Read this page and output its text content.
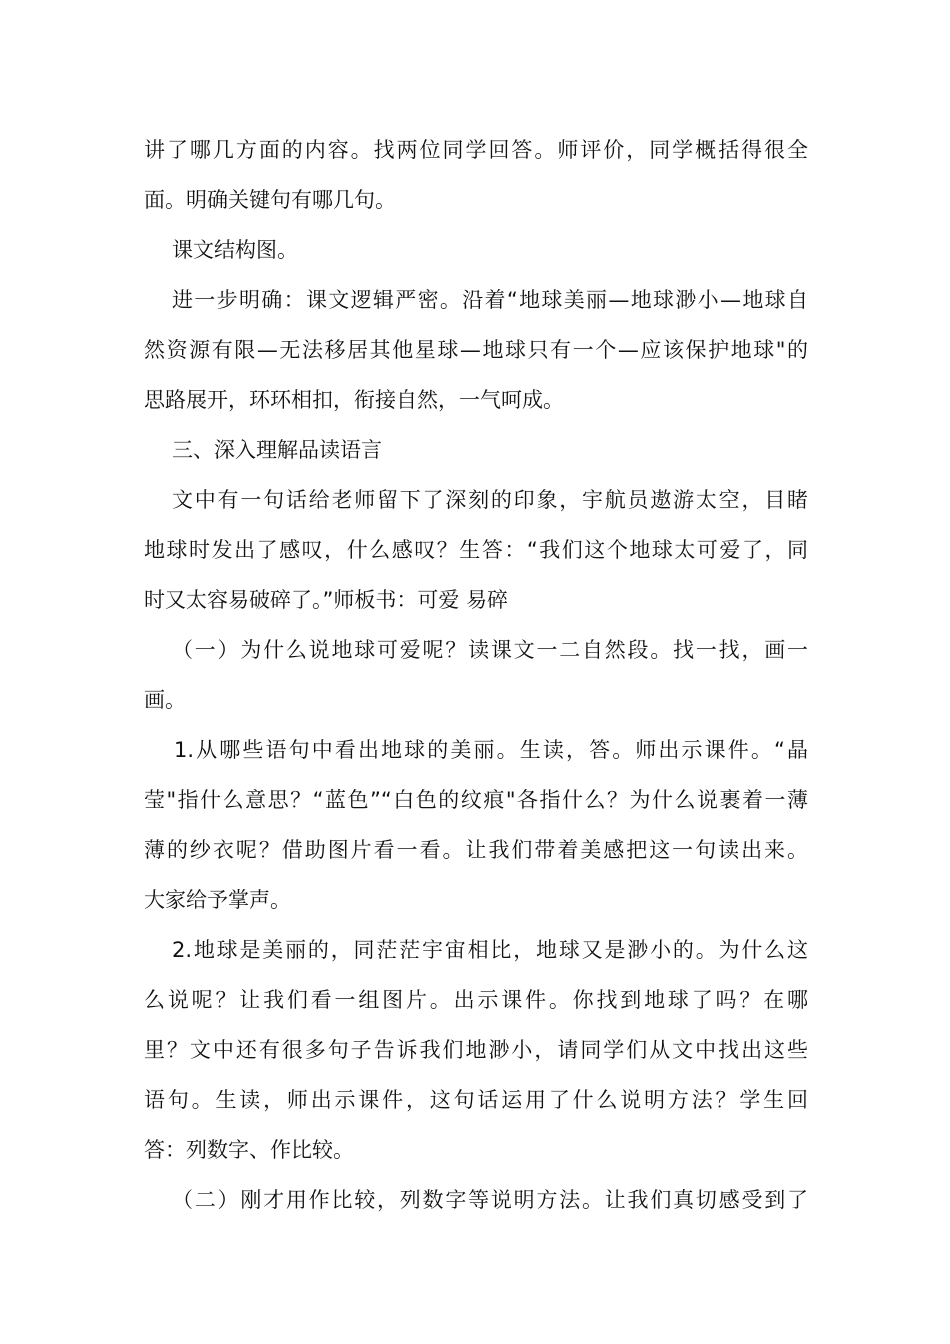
讲了哪几方面的内容。找两位同学回答。师评价，同学概括得很全
面。明确关键句有哪几句。
课文结构图。
进一步明确：课文逻辑严密。沿着“地球美丽—地球渺小—地球自
然资源有限—无法移居其他星球—地球只有一个—应该保护地球"的
思路展开，环环相扣，衔接自然，一气呵成。
三、深入理解品读语言
文中有一句话给老师留下了深刻的印象，宇航员遨游太空，目睹
地球时发出了感叹，什么感叹？生答：“我们这个地球太可爱了，同
时又太容易破碎了。”师板书：可爱 易碎
（一）为什么说地球可爱呢？读课文一二自然段。找一找，画一
画。
1.从哪些语句中看出地球的美丽。生读，答。师出示课件。“晶
莹"指什么意思？“蓝色”“白色的纹痕"各指什么？为什么说裹着一薄
薄的纱衣呢？借助图片看一看。让我们带着美感把这一句读出来。
大家给予掌声。
2.地球是美丽的，同茫茫宇宙相比，地球又是渺小的。为什么这
么说呢？让我们看一组图片。出示课件。你找到地球了吗？在哪
里？文中还有很多句子告诉我们地渺小，请同学们从文中找出这些
语句。生读，师出示课件，这句话运用了什么说明方法？学生回
答：列数字、作比较。
（二）刚才用作比较，列数字等说明方法。让我们真切感受到了
